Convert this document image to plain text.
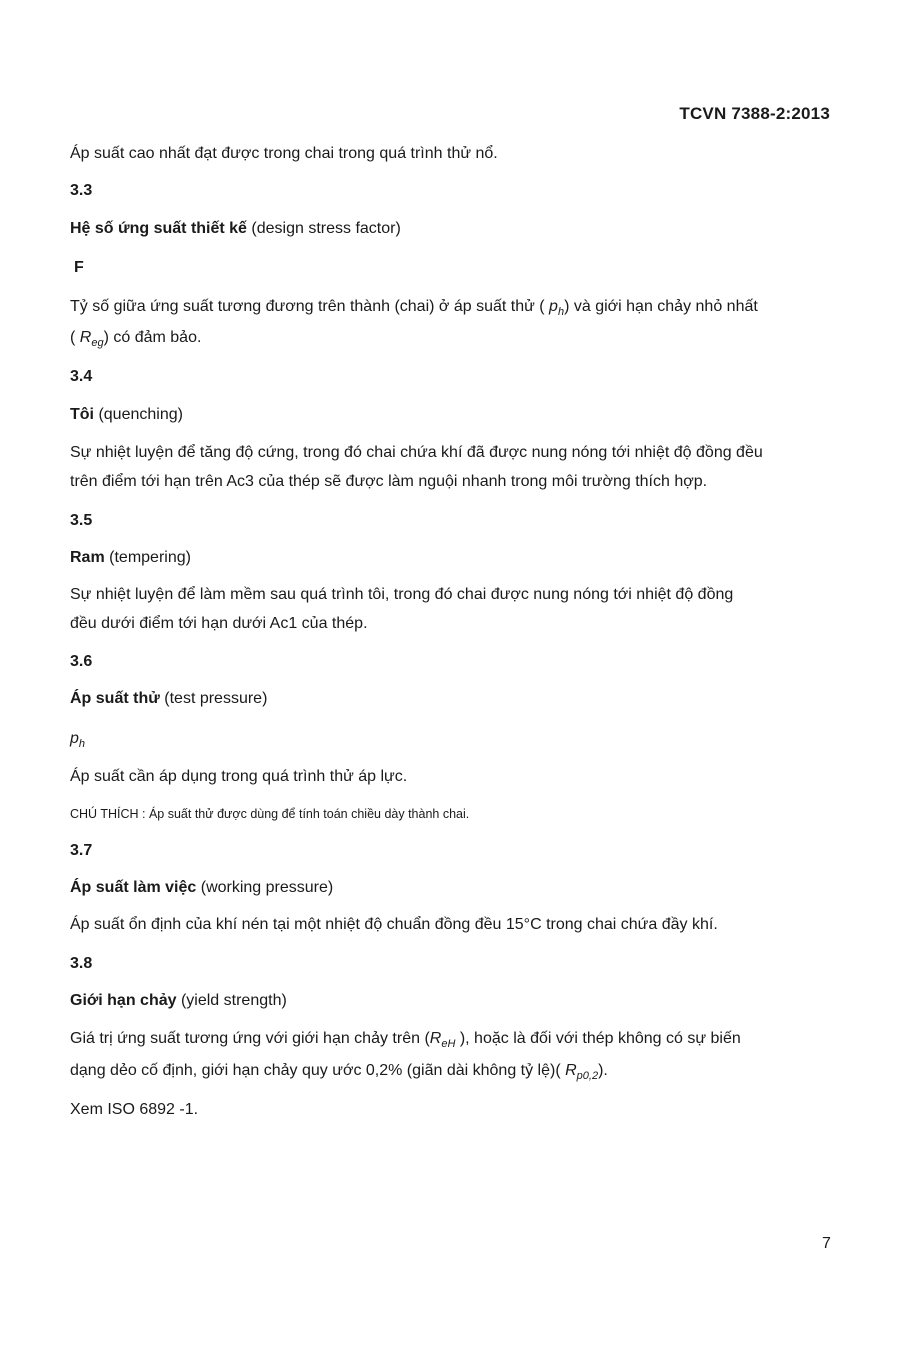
TCVN 7388-2:2013
Áp suất cao nhất đạt được trong chai trong quá trình thử nổ.
3.3
Hệ số ứng suất thiết kế (design stress factor)
F
Tỷ số giữa ứng suất tương đương trên thành (chai) ở áp suất thử ( $p_h$) và giới hạn chảy nhỏ nhất
( $R_{eg}$) có đảm bảo.
3.4
Tôi (quenching)
Sự nhiệt luyện để tăng độ cứng, trong đó chai chứa khí đã được nung nóng tới nhiệt độ đồng đều
trên điểm tới hạn trên Ac3 của thép sẽ được làm nguội nhanh trong môi trường thích hợp.
3.5
Ram (tempering)
Sự nhiệt luyện để làm mềm sau quá trình tôi, trong đó chai được nung nóng tới nhiệt độ đồng
đều dưới điểm tới hạn dưới Ac1 của thép.
3.6
Áp suất thử (test pressure)
$p_h$
Áp suất cần áp dụng trong quá trình thử áp lực.
CHÚ THÍCH : Áp suất thử được dùng để tính toán chiều dày thành chai.
3.7
Áp suất làm việc (working pressure)
Áp suất ổn định của khí nén tại một nhiệt độ chuẩn đồng đều 15°C trong chai chứa đầy khí.
3.8
Giới hạn chảy (yield strength)
Giá trị ứng suất tương ứng với giới hạn chảy trên ($R_{eH}$ ), hoặc là đối với thép không có sự biến
dạng dẻo cố định, giới hạn chảy quy ước 0,2% (giãn dài không tỷ lệ)( $R_{p0,2}$).
Xem ISO 6892 -1.
7
